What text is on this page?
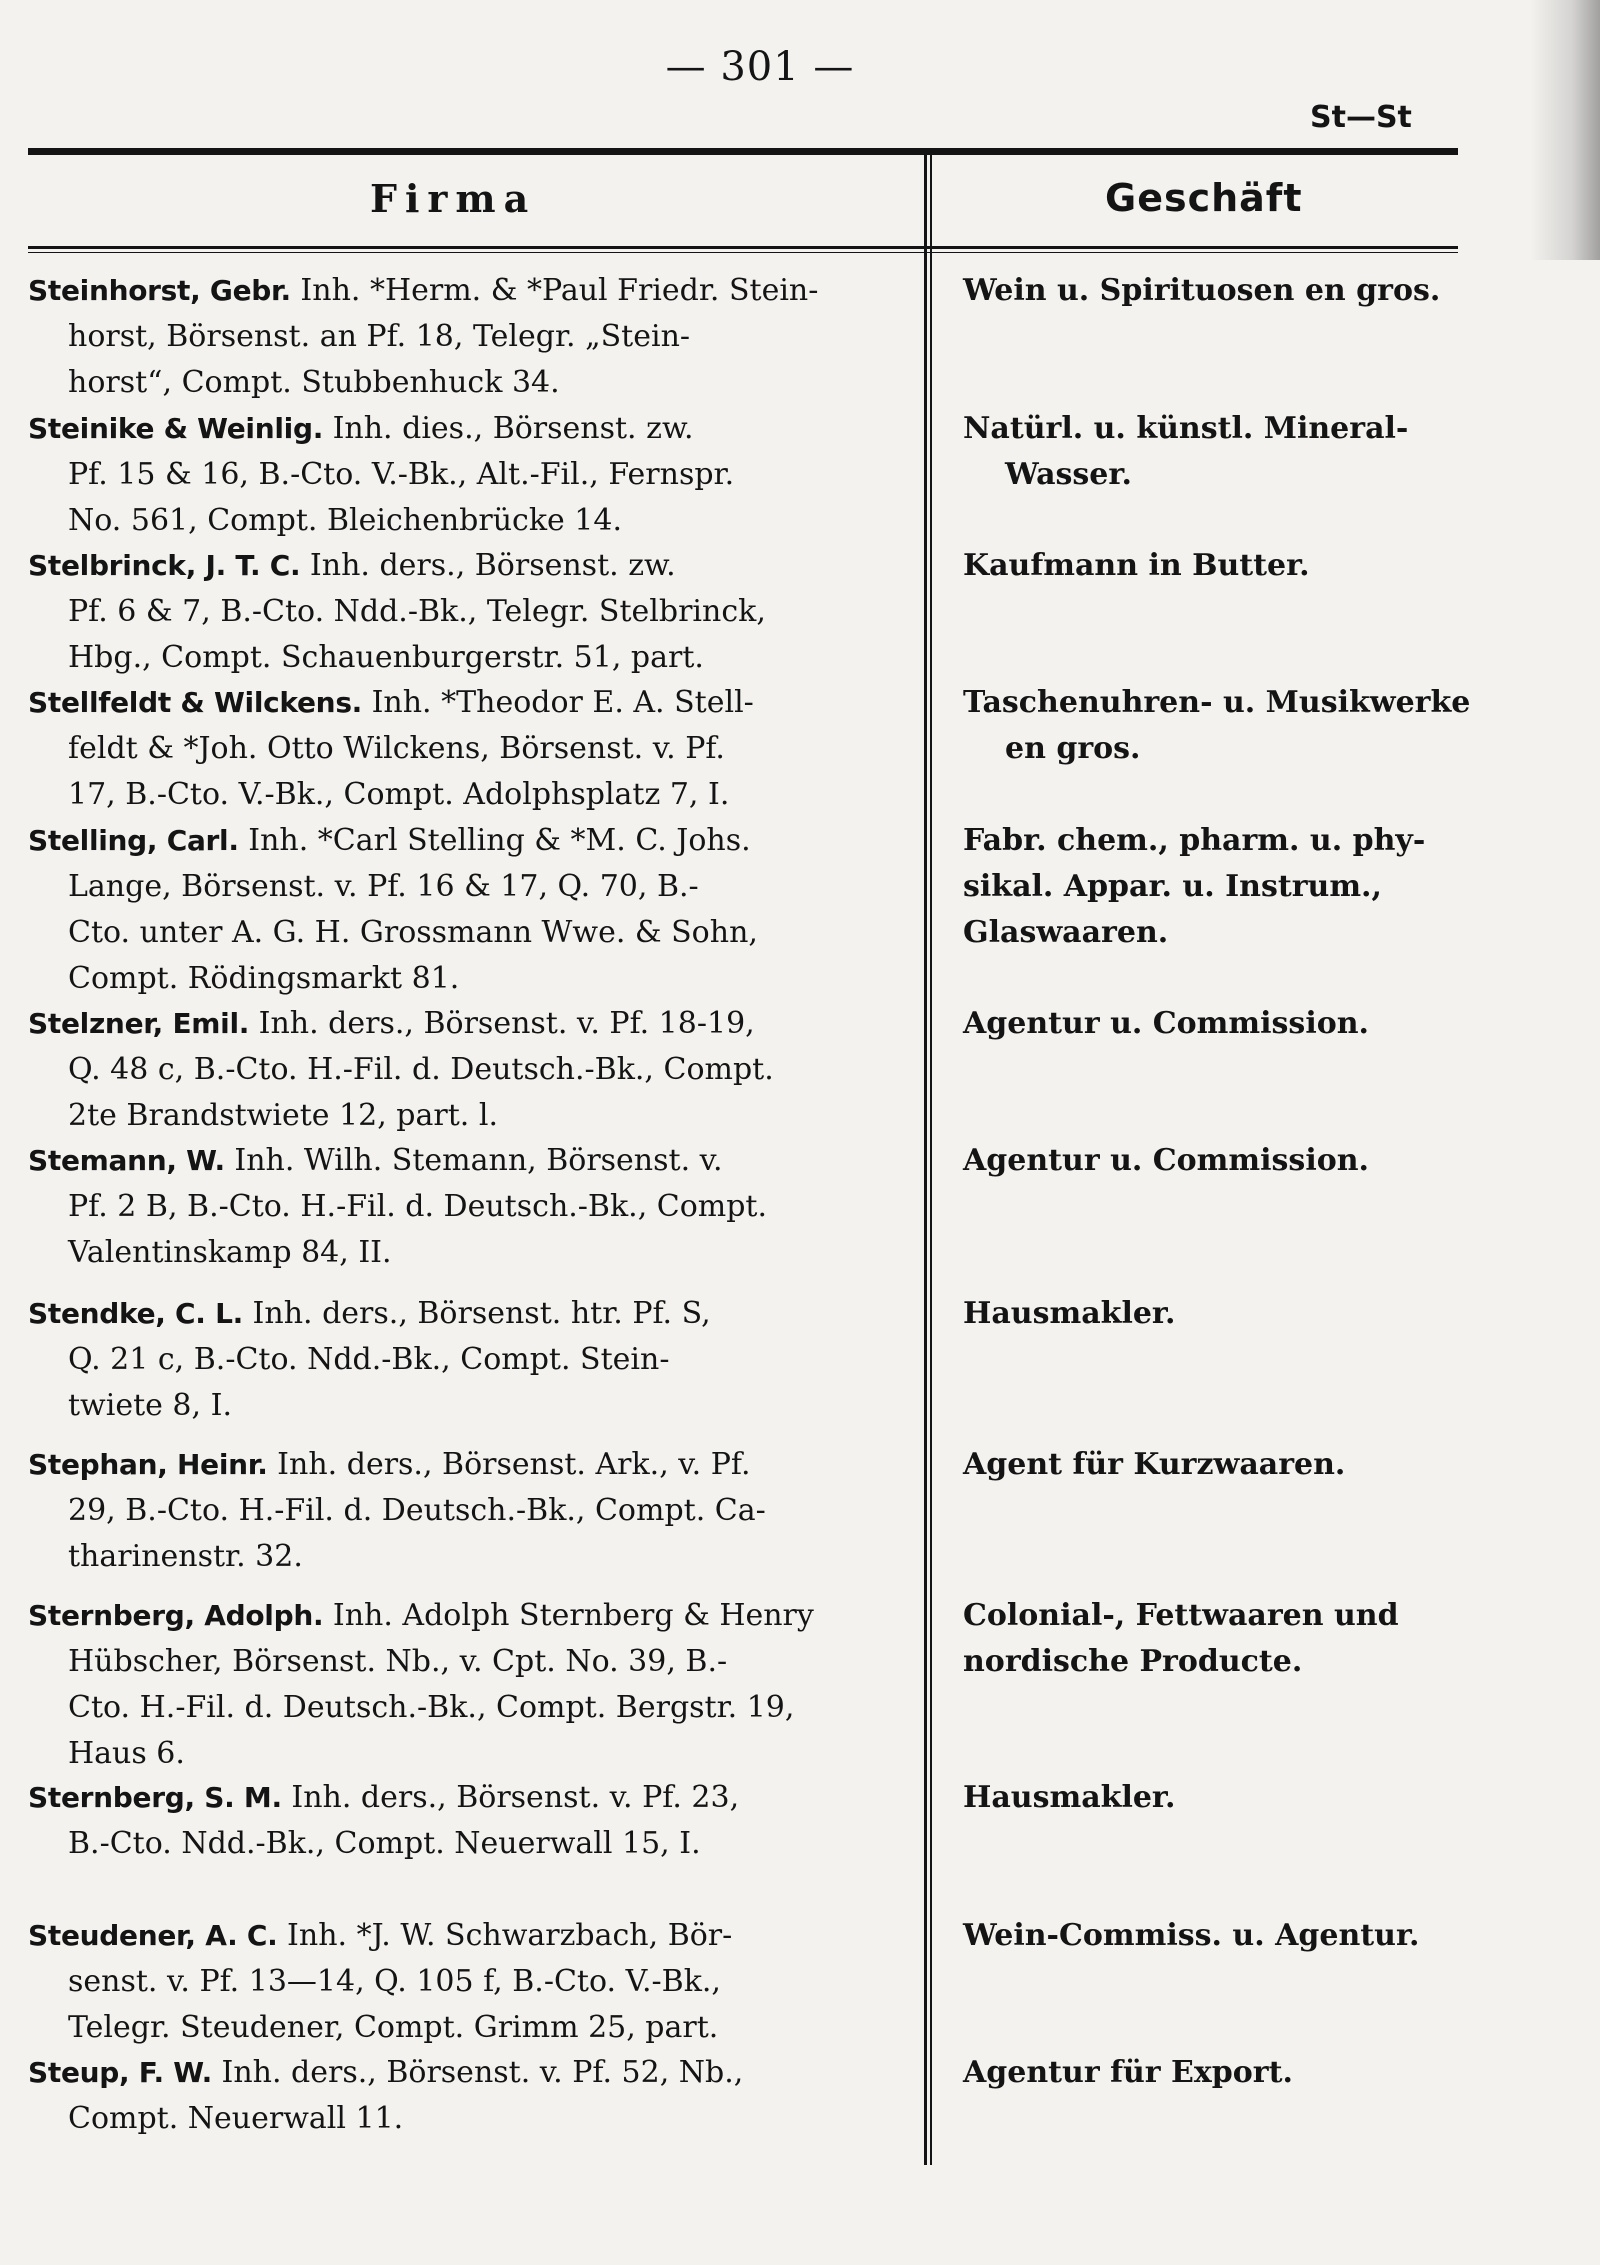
— 301 —
St—St
Firma	Geschäft
Steinhorst, Gebr. Inh. *Herm. & *Paul Friedr. Stein-
horst, Börsenst. an Pf. 18, Telegr. „Stein-
horst“, Compt. Stubbenhuck 34.
Wein u. Spirituosen en gros.
Steinike & Weinlig. Inh. dies., Börsenst. zw.
Pf. 15 & 16, B.-Cto. V.-Bk., Alt.-Fil., Fernspr.
No. 561, Compt. Bleichenbrücke 14.
Natürl. u. künstl. Mineral-
Wasser.
Stelbrinck, J. T. C. Inh. ders., Börsenst. zw.
Pf. 6 & 7, B.-Cto. Ndd.-Bk., Telegr. Stelbrinck,
Hbg., Compt. Schauenburgerstr. 51, part.
Kaufmann in Butter.
Stellfeldt & Wilckens. Inh. *Theodor E. A. Stell-
feldt & *Joh. Otto Wilckens, Börsenst. v. Pf.
17, B.-Cto. V.-Bk., Compt. Adolphsplatz 7, I.
Taschenuhren- u. Musikwerke
en gros.
Stelling, Carl. Inh. *Carl Stelling & *M. C. Johs.
Lange, Börsenst. v. Pf. 16 & 17, Q. 70, B.-
Cto. unter A. G. H. Grossmann Wwe. & Sohn,
Compt. Rödingsmarkt 81.
Fabr. chem., pharm. u. phy-
sikal. Appar. u. Instrum.,
Glaswaaren.
Stelzner, Emil. Inh. ders., Börsenst. v. Pf. 18-19,
Q. 48 c, B.-Cto. H.-Fil. d. Deutsch.-Bk., Compt.
2te Brandstwiete 12, part. l.
Agentur u. Commission.
Stemann, W. Inh. Wilh. Stemann, Börsenst. v.
Pf. 2 B, B.-Cto. H.-Fil. d. Deutsch.-Bk., Compt.
Valentinskamp 84, II.
Agentur u. Commission.
Stendke, C. L. Inh. ders., Börsenst. htr. Pf. S,
Q. 21 c, B.-Cto. Ndd.-Bk., Compt. Stein-
twiete 8, I.
Hausmakler.
Stephan, Heinr. Inh. ders., Börsenst. Ark., v. Pf.
29, B.-Cto. H.-Fil. d. Deutsch.-Bk., Compt. Ca-
tharinenstr. 32.
Agent für Kurzwaaren.
Sternberg, Adolph. Inh. Adolph Sternberg & Henry
Hübscher, Börsenst. Nb., v. Cpt. No. 39, B.-
Cto. H.-Fil. d. Deutsch.-Bk., Compt. Bergstr. 19,
Haus 6.
Colonial-, Fettwaaren und
nordische Producte.
Sternberg, S. M. Inh. ders., Börsenst. v. Pf. 23,
B.-Cto. Ndd.-Bk., Compt. Neuerwall 15, I.
Hausmakler.
Steudener, A. C. Inh. *J. W. Schwarzbach, Bör-
senst. v. Pf. 13—14, Q. 105 f, B.-Cto. V.-Bk.,
Telegr. Steudener, Compt. Grimm 25, part.
Wein-Commiss. u. Agentur.
Steup, F. W. Inh. ders., Börsenst. v. Pf. 52, Nb.,
Compt. Neuerwall 11.
Agentur für Export.
